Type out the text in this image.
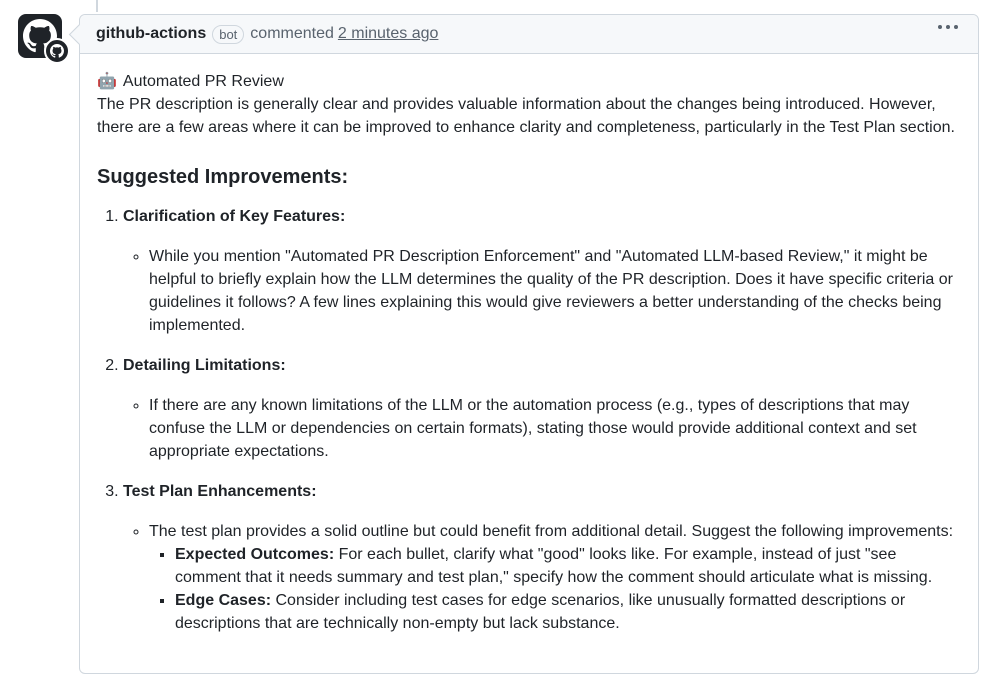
github-actions	bot commented 2 minutes ago

🤖 Automated PR Review

The PR description is generally clear and provides valuable information about the changes being introduced. However, there are a few areas where it can be improved to enhance clarity and completeness, particularly in the Test Plan section.

Suggested Improvements:
1. Clarification of Key Features:
◦ While you mention "Automated PR Description Enforcement" and "Automated LLM-based Review," it might be helpful to briefly explain how the LLM determines the quality of the PR description. Does it have specific criteria or guidelines it follows? A few lines explaining this would give reviewers a better understanding of the checks being implemented.
2. Detailing Limitations:
◦ If there are any known limitations of the LLM or the automation process (e.g., types of descriptions that may confuse the LLM or dependencies on certain formats), stating those would provide additional context and set appropriate expectations.
3. Test Plan Enhancements:
◦ The test plan provides a solid outline but could benefit from additional detail. Suggest the following improvements:
▪ Expected Outcomes: For each bullet, clarify what "good" looks like. For example, instead of just "see comment that it needs summary and test plan," specify how the comment should articulate what is missing.
▪ Edge Cases: Consider including test cases for edge scenarios, like unusually formatted descriptions or descriptions that are technically non-empty but lack substance.
